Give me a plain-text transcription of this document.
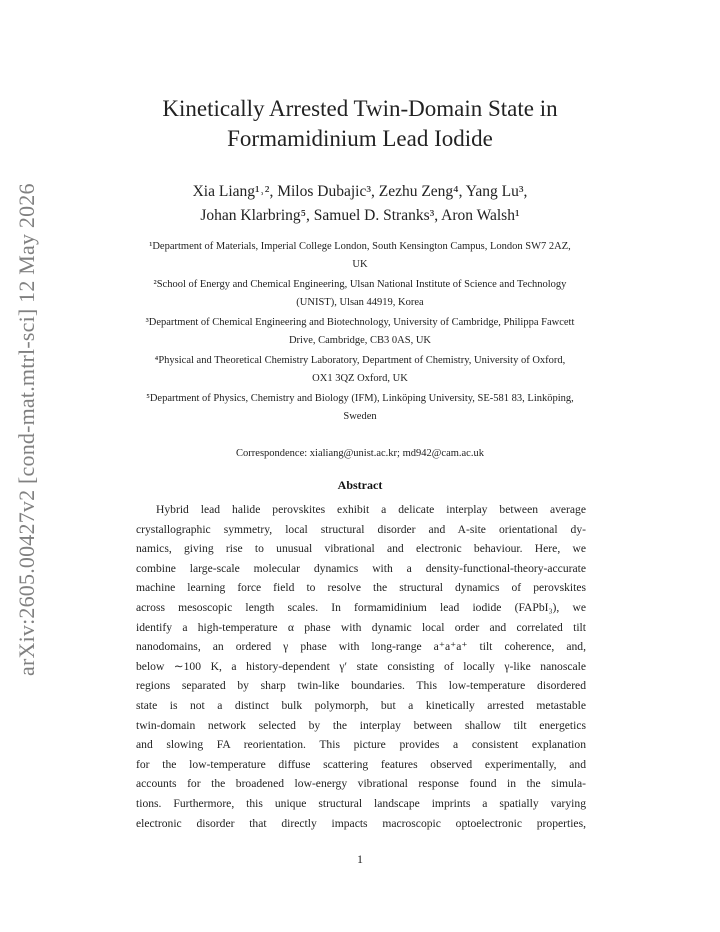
arXiv:2605.00427v2 [cond-mat.mtrl-sci] 12 May 2026
Kinetically Arrested Twin-Domain State in
Formamidinium Lead Iodide
Xia Liang¹˒², Milos Dubajic³, Zezhu Zeng⁴, Yang Lu³,
Johan Klarbring⁵, Samuel D. Stranks³, Aron Walsh¹
¹Department of Materials, Imperial College London, South Kensington Campus, London SW7 2AZ,
UK
²School of Energy and Chemical Engineering, Ulsan National Institute of Science and Technology
(UNIST), Ulsan 44919, Korea
³Department of Chemical Engineering and Biotechnology, University of Cambridge, Philippa Fawcett
Drive, Cambridge, CB3 0AS, UK
⁴Physical and Theoretical Chemistry Laboratory, Department of Chemistry, University of Oxford,
OX1 3QZ Oxford, UK
⁵Department of Physics, Chemistry and Biology (IFM), Linköping University, SE-581 83, Linköping,
Sweden
Correspondence: xialiang@unist.ac.kr; md942@cam.ac.uk
Abstract
Hybrid lead halide perovskites exhibit a delicate interplay between average
crystallographic symmetry, local structural disorder and A-site orientational dy-
namics, giving rise to unusual vibrational and electronic behaviour. Here, we
combine large-scale molecular dynamics with a density-functional-theory-accurate
machine learning force field to resolve the structural dynamics of perovskites
across mesoscopic length scales. In formamidinium lead iodide (FAPbI₃), we
identify a high-temperature α phase with dynamic local order and correlated tilt
nanodomains, an ordered γ phase with long-range a⁺a⁺a⁺ tilt coherence, and,
below ∼100 K, a history-dependent γ′ state consisting of locally γ-like nanoscale
regions separated by sharp twin-like boundaries. This low-temperature disordered
state is not a distinct bulk polymorph, but a kinetically arrested metastable
twin-domain network selected by the interplay between shallow tilt energetics
and slowing FA reorientation. This picture provides a consistent explanation
for the low-temperature diffuse scattering features observed experimentally, and
accounts for the broadened low-energy vibrational response found in the simula-
tions. Furthermore, this unique structural landscape imprints a spatially varying
electronic disorder that directly impacts macroscopic optoelectronic properties,
1
